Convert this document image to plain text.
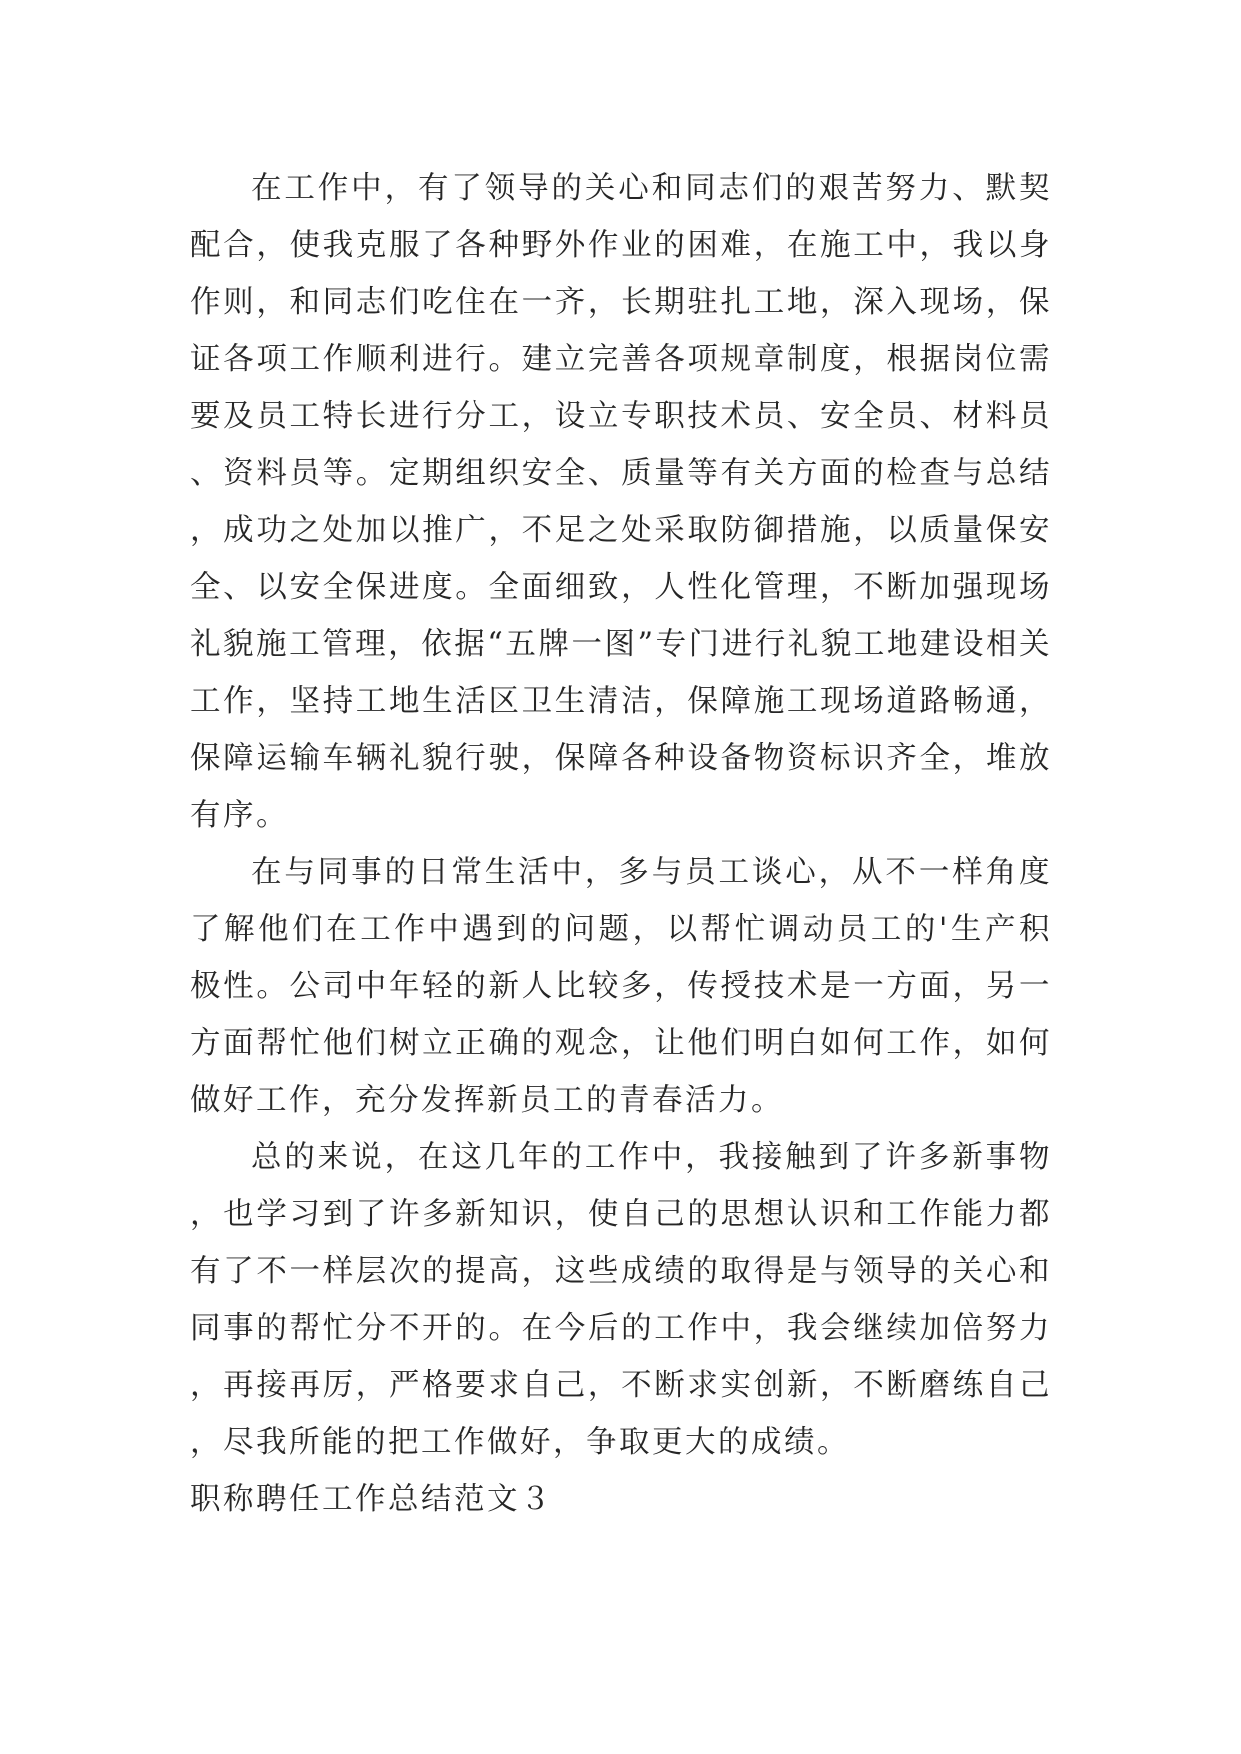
在工作中，有了领导的关心和同志们的艰苦努力、默契配合，使我克服了各种野外作业的困难，在施工中，我以身作则，和同志们吃住在一齐，长期驻扎工地，深入现场，保证各项工作顺利进行。建立完善各项规章制度，根据岗位需要及员工特长进行分工，设立专职技术员、安全员、材料员、资料员等。定期组织安全、质量等有关方面的检查与总结，成功之处加以推广，不足之处采取防御措施，以质量保安全、以安全保进度。全面细致，人性化管理，不断加强现场礼貌施工管理，依据“五牌一图”专门进行礼貌工地建设相关工作，坚持工地生活区卫生清洁，保障施工现场道路畅通，保障运输车辆礼貌行驶，保障各种设备物资标识齐全，堆放有序。

在与同事的日常生活中，多与员工谈心，从不一样角度了解他们在工作中遇到的问题，以帮忙调动员工的'生产积极性。公司中年轻的新人比较多，传授技术是一方面，另一方面帮忙他们树立正确的观念，让他们明白如何工作，如何做好工作，充分发挥新员工的青春活力。

总的来说，在这几年的工作中，我接触到了许多新事物，也学习到了许多新知识，使自己的思想认识和工作能力都有了不一样层次的提高，这些成绩的取得是与领导的关心和同事的帮忙分不开的。在今后的工作中，我会继续加倍努力，再接再厉，严格要求自己，不断求实创新，不断磨练自己，尽我所能的把工作做好，争取更大的成绩。

职称聘任工作总结范文３
